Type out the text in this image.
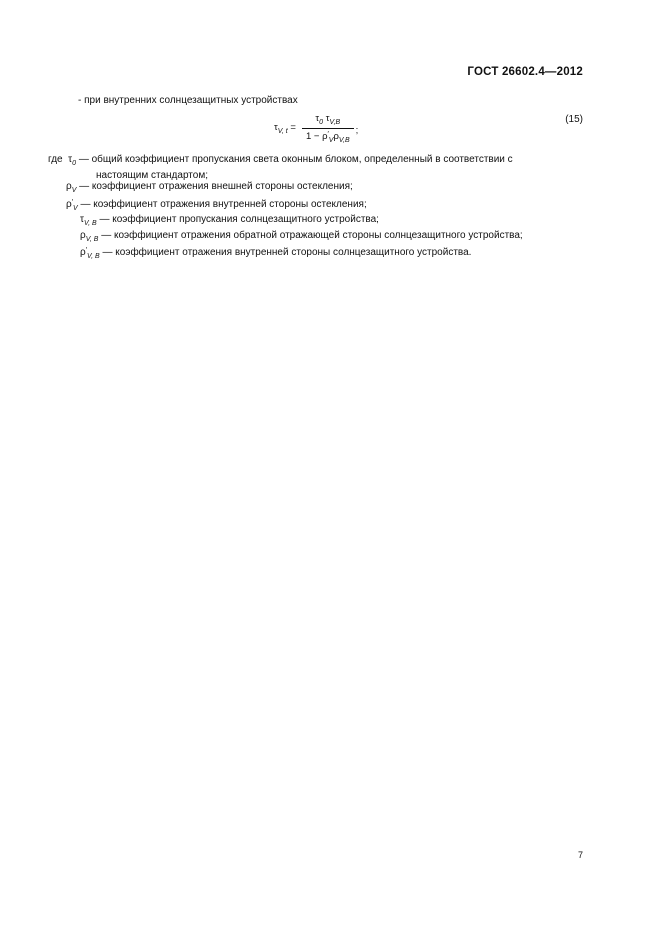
ГОСТ 26602.4—2012
- при внутренних солнцезащитных устройствах
$\tau_{V, t} = \frac{\tau_0 \tau_{V,B}}{1 - \rho'_V\rho_{V,B}}$ ;
(15)
где $\tau_0$ — общий коэффициент пропускания света оконным блоком, определенный в соответствии с
настоящим стандартом;
$\rho_V$ — коэффициент отражения внешней стороны остекления;
$\rho'_V$ — коэффициент отражения внутренней стороны остекления;
$\tau_{V, B}$ — коэффициент пропускания солнцезащитного устройства;
$\rho_{V, B}$ — коэффициент отражения обратной отражающей стороны солнцезащитного устройства;
$\rho'_{V, B}$ — коэффициент отражения внутренней стороны солнцезащитного устройства.
7
